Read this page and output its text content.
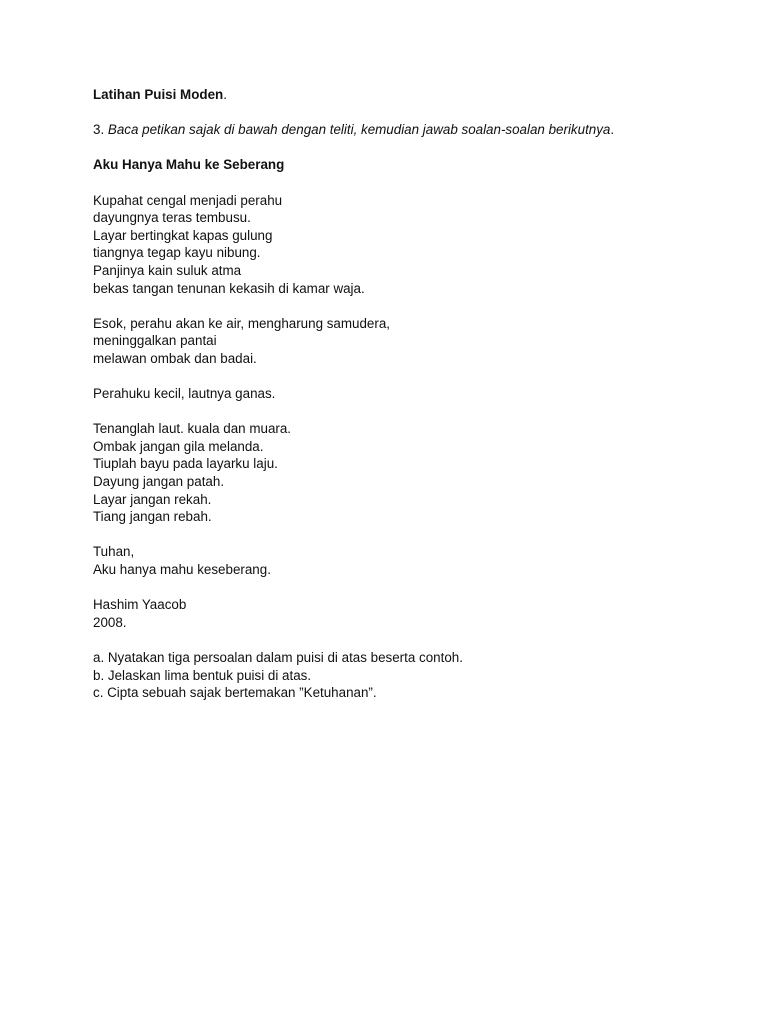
Latihan Puisi Moden.
3. Baca petikan sajak di bawah dengan teliti, kemudian jawab soalan-soalan berikutnya.
Aku Hanya Mahu ke Seberang
Kupahat cengal menjadi perahu
dayungnya teras tembusu.
Layar bertingkat kapas gulung
tiangnya tegap kayu nibung.
Panjinya kain suluk atma
bekas tangan tenunan kekasih di kamar waja.
Esok, perahu akan ke air, mengharung samudera,
meninggalkan pantai
melawan ombak dan badai.
Perahuku kecil, lautnya ganas.
Tenanglah laut. kuala dan muara.
Ombak jangan gila melanda.
Tiuplah bayu pada layarku laju.
Dayung jangan patah.
Layar jangan rekah.
Tiang jangan rebah.
Tuhan,
Aku hanya mahu keseberang.
Hashim Yaacob
2008.
a. Nyatakan tiga persoalan dalam puisi di atas beserta contoh.
b. Jelaskan lima bentuk puisi di atas.
c. Cipta sebuah sajak bertemakan ”Ketuhanan”.
